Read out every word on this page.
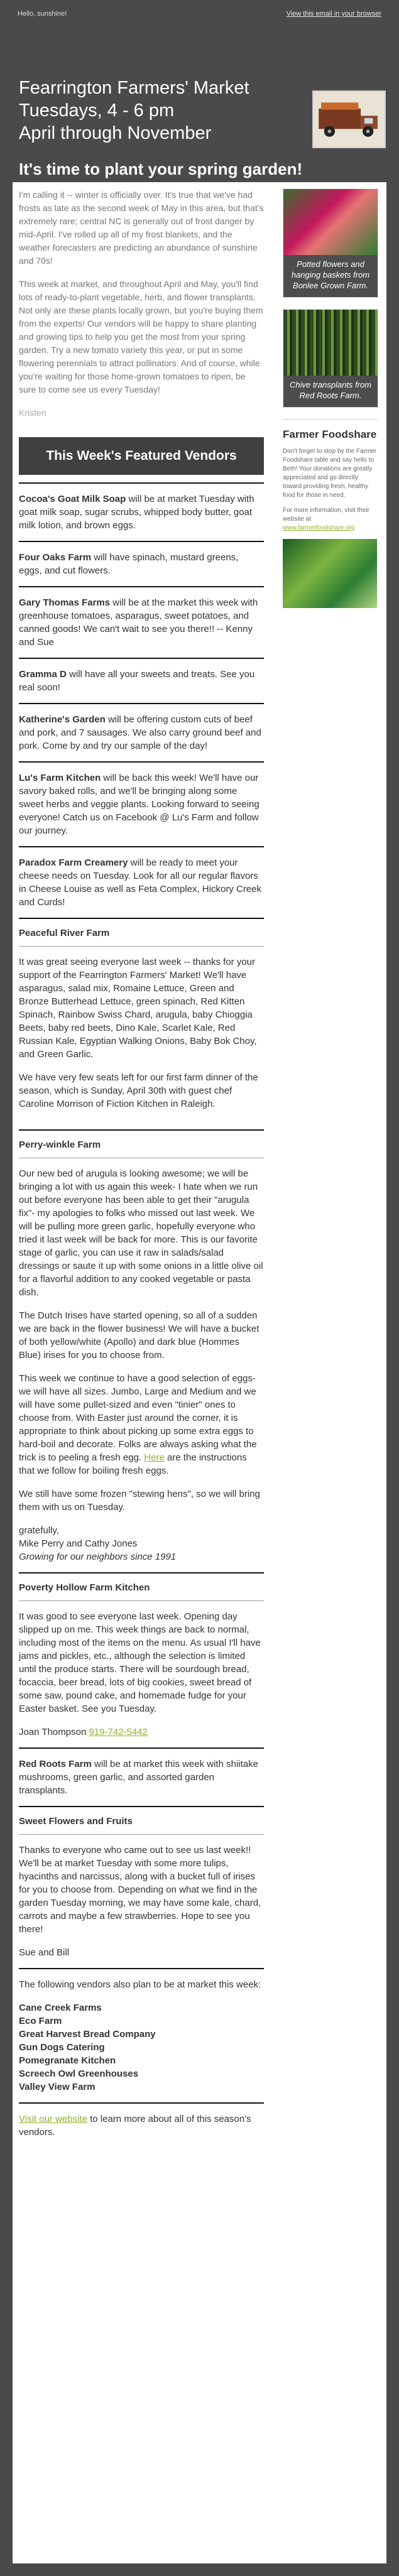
Hello, sunshine!	View this email in your browser
Fearrington Farmers' Market
Tuesdays, 4 - 6 pm
April through November
It's time to plant your spring garden!

I'm calling it -- winter is officially over. It's true that we've had frosts as late as the second week of May in this area, but that's extremely rare; central NC is generally out of frost danger by mid-April. I've rolled up all of my frost blankets, and the weather forecasters are predicting an abundance of sunshine and 70s!

This week at market, and throughout April and May, you'll find lots of ready-to-plant vegetable, herb, and flower transplants. Not only are these plants locally grown, but you're buying them from the experts! Our vendors will be happy to share planting and growing tips to help you get the most from your spring garden. Try a new tomato variety this year, or put in some flowering perennials to attract pollinators. And of course, while you're waiting for those home-grown tomatoes to ripen, be sure to come see us every Tuesday!

Kristen

This Week's Featured Vendors

Cocoa's Goat Milk Soap will be at market Tuesday with goat milk soap, sugar scrubs, whipped body butter, goat milk lotion, and brown eggs.

Four Oaks Farm will have spinach, mustard greens, eggs, and cut flowers.

Gary Thomas Farms will be at the market this week with greenhouse tomatoes, asparagus, sweet potatoes, and canned goods! We can't wait to see you there!! -- Kenny and Sue

Gramma D will have all your sweets and treats. See you real soon!

Katherine's Garden will be offering custom cuts of beef and pork, and 7 sausages. We also carry ground beef and pork. Come by and try our sample of the day!

Lu's Farm Kitchen will be back this week! We'll have our savory baked rolls, and we'll be bringing along some sweet herbs and veggie plants. Looking forward to seeing everyone! Catch us on Facebook @ Lu's Farm and follow our journey.

Paradox Farm Creamery will be ready to meet your cheese needs on Tuesday. Look for all our regular flavors in Cheese Louise as well as Feta Complex, Hickory Creek and Curds!

Peaceful River Farm

It was great seeing everyone last week -- thanks for your support of the Fearrington Farmers' Market! We'll have asparagus, salad mix, Romaine Lettuce, Green and Bronze Butterhead Lettuce, green spinach, Red Kitten Spinach, Rainbow Swiss Chard, arugula, baby Chioggia Beets, baby red beets, Dino Kale, Scarlet Kale, Red Russian Kale, Egyptian Walking Onions, Baby Bok Choy, and Green Garlic.

We have very few seats left for our first farm dinner of the season, which is Sunday, April 30th with guest chef Caroline Morrison of Fiction Kitchen in Raleigh.

Perry-winkle Farm

Our new bed of arugula is looking awesome; we will be bringing a lot with us again this week- I hate when we run out before everyone has been able to get their "arugula fix"- my apologies to folks who missed out last week. We will be pulling more green garlic, hopefully everyone who tried it last week will be back for more. This is our favorite stage of garlic, you can use it raw in salads/salad dressings or saute it up with some onions in a little olive oil for a flavorful addition to any cooked vegetable or pasta dish.

The Dutch Irises have started opening, so all of a sudden we are back in the flower business! We will have a bucket of both yellow/white (Apollo) and dark blue (Hommes Blue) irises for you to choose from.

This week we continue to have a good selection of eggs- we will have all sizes. Jumbo, Large and Medium and we will have some pullet-sized and even "tinier" ones to choose from. With Easter just around the corner, it is appropriate to think about picking up some extra eggs to hard-boil and decorate. Folks are always asking what the trick is to peeling a fresh egg. Here are the instructions that we follow for boiling fresh eggs.

We still have some frozen "stewing hens", so we will bring them with us on Tuesday.

gratefully,
Mike Perry and Cathy Jones
Growing for our neighbors since 1991

Poverty Hollow Farm Kitchen

It was good to see everyone last week. Opening day slipped up on me. This week things are back to normal, including most of the items on the menu. As usual I'll have jams and pickles, etc., although the selection is limited until the produce starts. There will be sourdough bread, focaccia, beer bread, lots of big cookies, sweet bread of some saw, pound cake, and homemade fudge for your Easter basket. See you Tuesday.

Joan Thompson 919-742-5442

Red Roots Farm will be at market this week with shiitake mushrooms, green garlic, and assorted garden transplants.

Sweet Flowers and Fruits

Thanks to everyone who came out to see us last week!! We'll be at market Tuesday with some more tulips, hyacinths and narcissus, along with a bucket full of irises for you to choose from. Depending on what we find in the garden Tuesday morning, we may have some kale, chard, carrots and maybe a few strawberries. Hope to see you there!

Sue and Bill

The following vendors also plan to be at market this week:

Cane Creek Farms
Eco Farm
Great Harvest Bread Company
Gun Dogs Catering
Pomegranate Kitchen
Screech Owl Greenhouses
Valley View Farm

Visit our website to learn more about all of this season's vendors.

Potted flowers and hanging baskets from Bonlee Grown Farm.
Chive transplants from Red Roots Farm.
Farmer Foodshare
Don't forget to stop by the Farmer Foodshare table and say hello to Beth! Your donations are greatly appreciated and go directly toward providing fresh, healthy food for those in need.
For more information, visit their website at www.farmerfoodshare.org
